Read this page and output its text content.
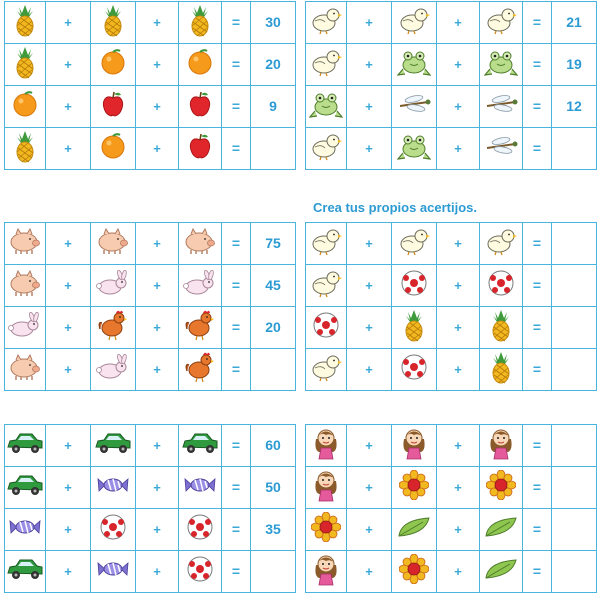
Crea tus propios acertijos.
	+		+		=	30
	+		+		=	20
	+		+		=	9
	+		+		=	
	+		+		=	21
	+		+		=	19
	+		+		=	12
	+		+		=	
	+		+		=	75
	+		+		=	45
	+		+		=	20
	+		+		=	
	+		+		=	
	+		+		=	
	+		+		=	
	+		+		=	
	+		+		=	60
	+		+		=	50
	+		+		=	35
	+		+		=	
	+		+		=	
	+		+		=	
	+		+		=	
	+		+		=	
